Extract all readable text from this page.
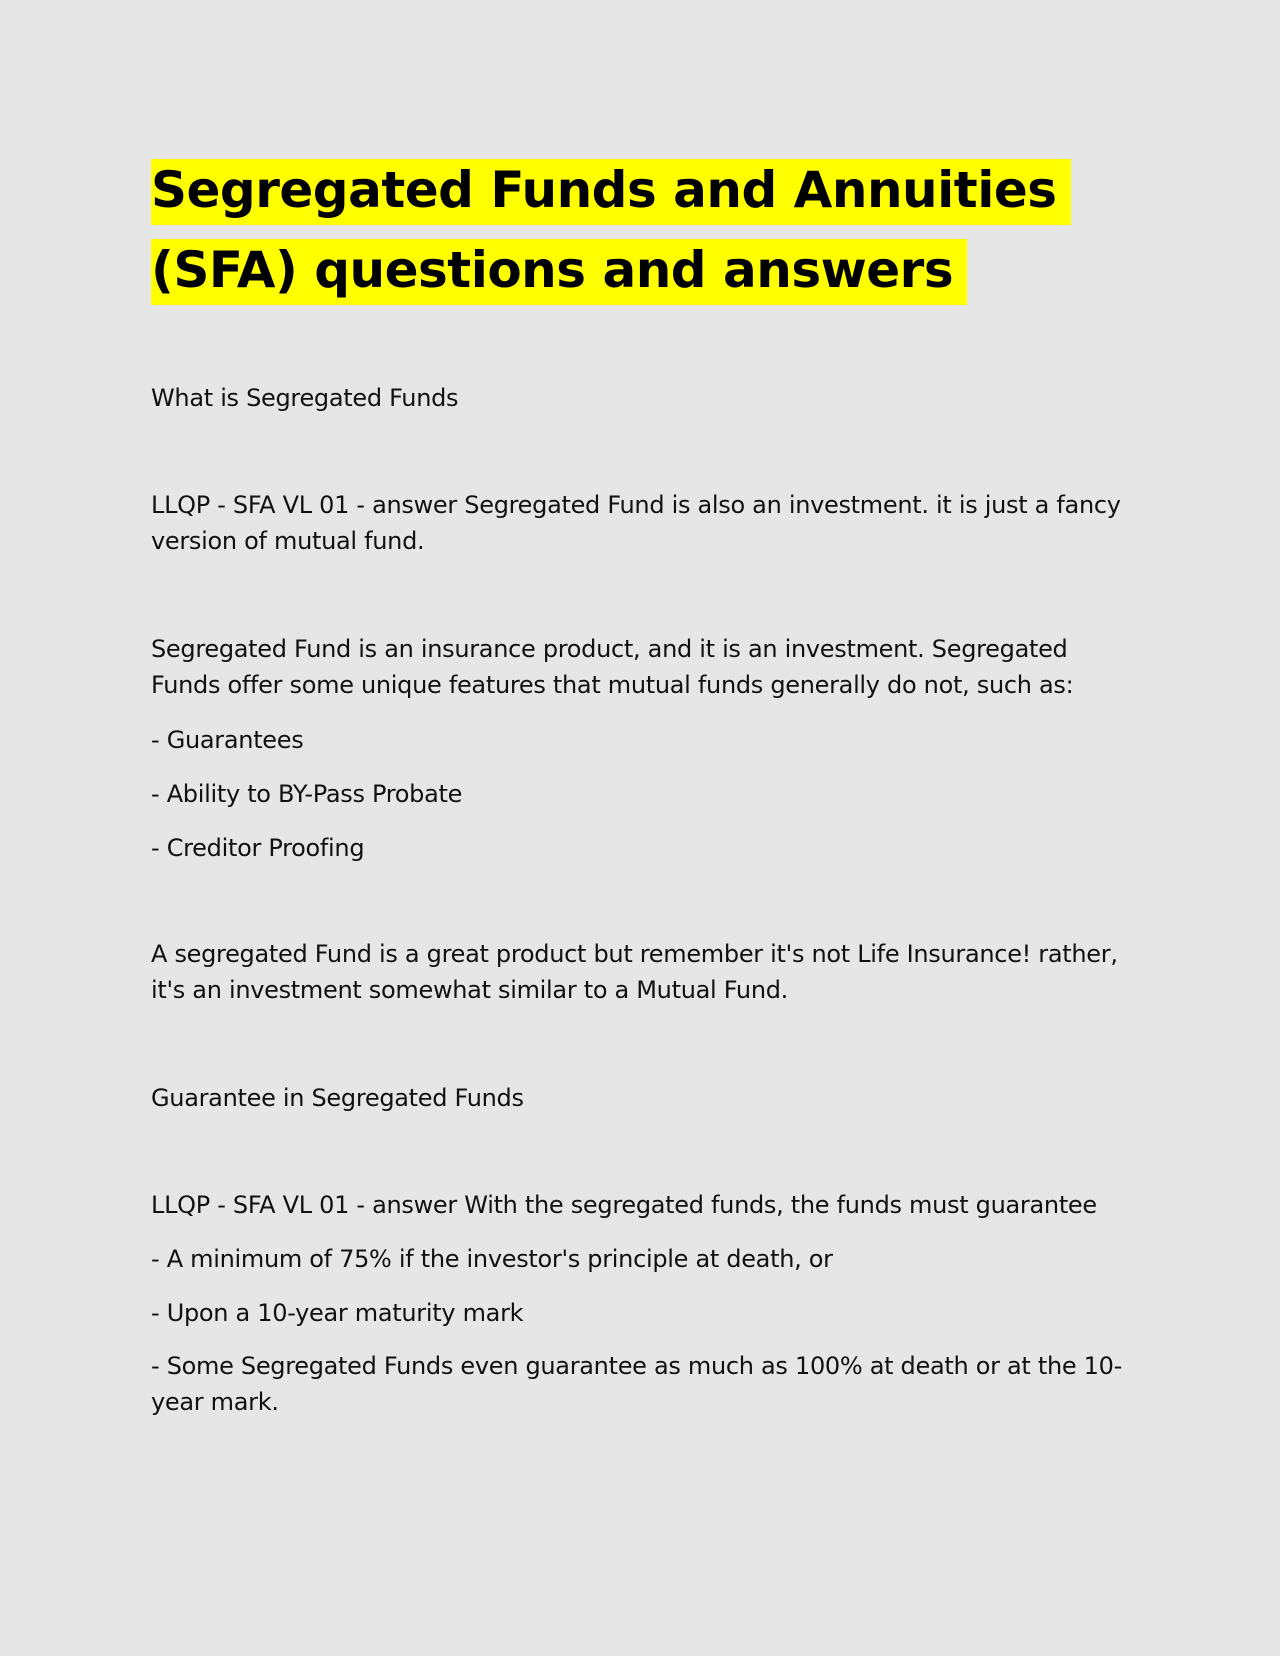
Segregated Funds and Annuities (SFA) questions and answers

What is Segregated Funds

LLQP - SFA VL 01 - answer Segregated Fund is also an investment. it is just a fancy version of mutual fund.

Segregated Fund is an insurance product, and it is an investment. Segregated Funds offer some unique features that mutual funds generally do not, such as:

- Guarantees

- Ability to BY-Pass Probate

- Creditor Proofing

A segregated Fund is a great product but remember it's not Life Insurance! rather, it's an investment somewhat similar to a Mutual Fund.

Guarantee in Segregated Funds

LLQP - SFA VL 01 - answer With the segregated funds, the funds must guarantee

- A minimum of 75% if the investor's principle at death, or

- Upon a 10-year maturity mark

- Some Segregated Funds even guarantee as much as 100% at death or at the 10-year mark.
